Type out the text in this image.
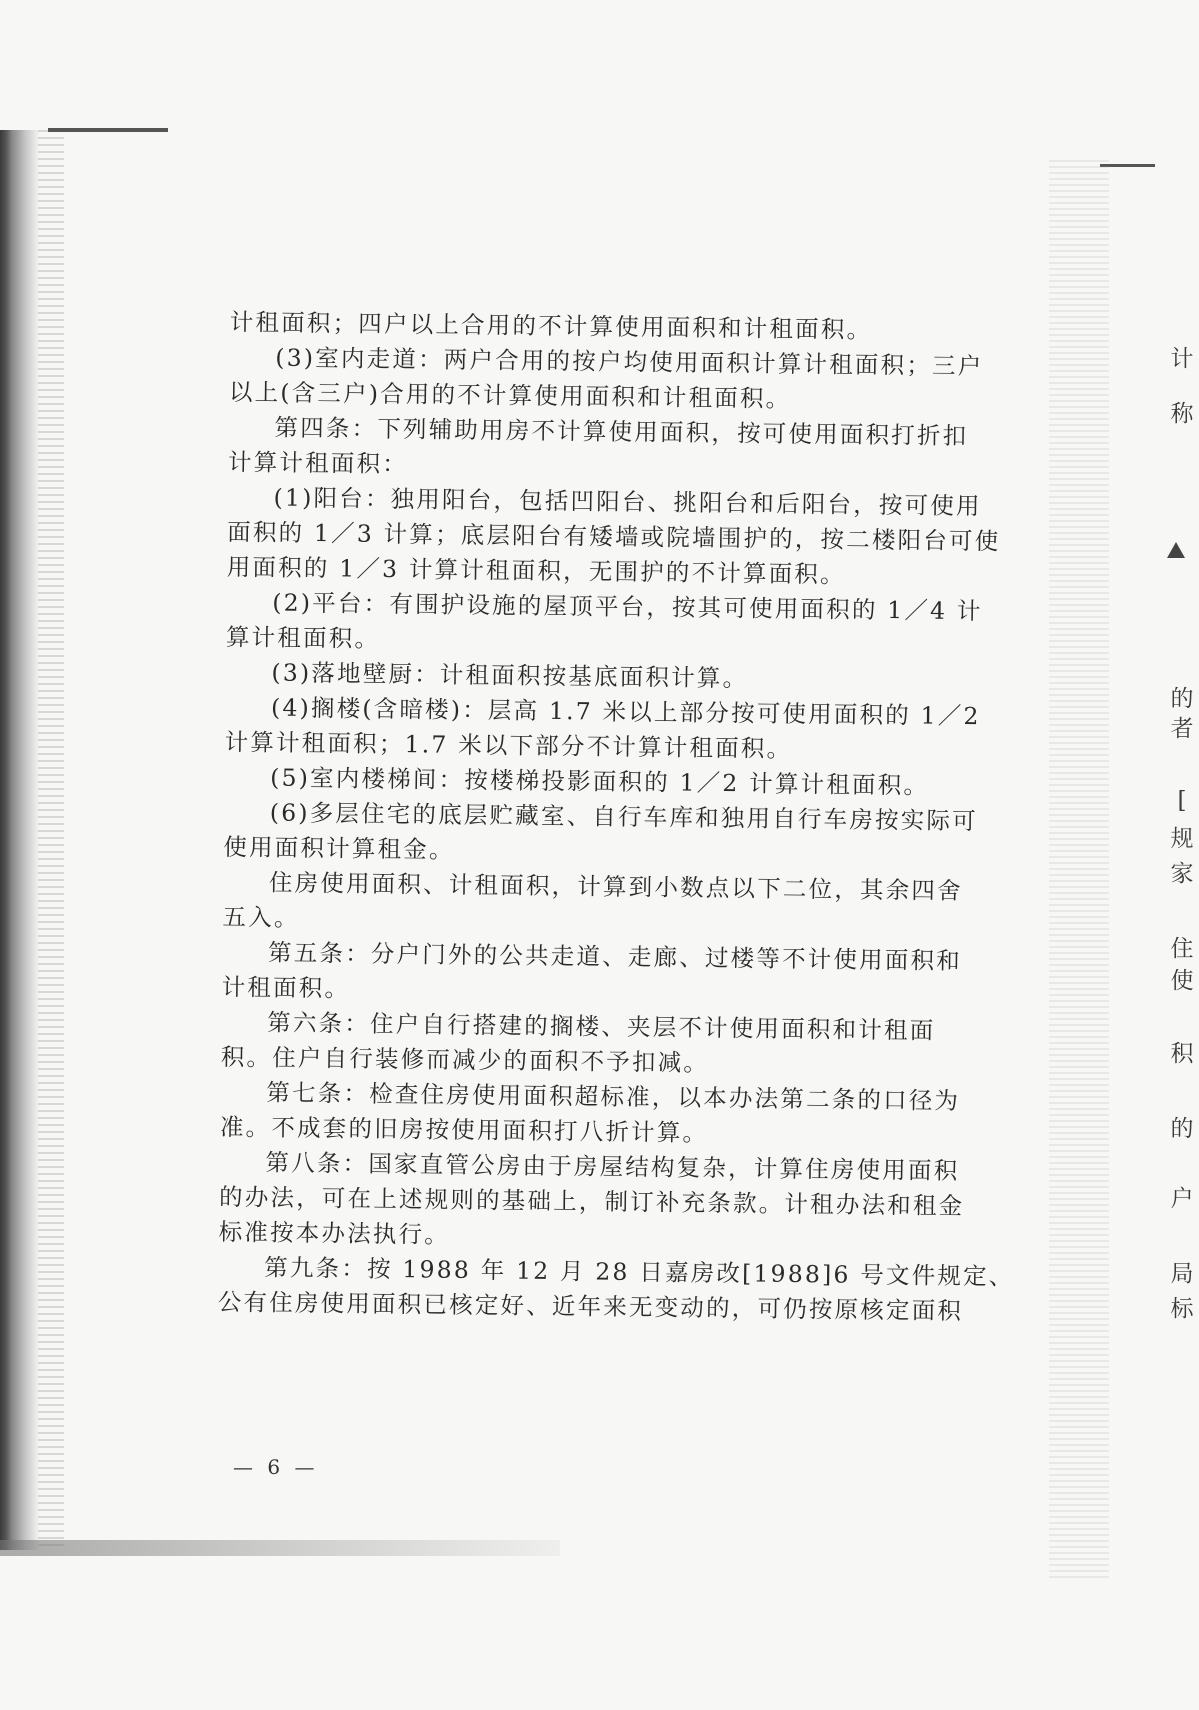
计租面积；四户以上合用的不计算使用面积和计租面积。
(3)室内走道：两户合用的按户均使用面积计算计租面积；三户
以上(含三户)合用的不计算使用面积和计租面积。
第四条：下列辅助用房不计算使用面积，按可使用面积打折扣
计算计租面积：
(1)阳台：独用阳台，包括凹阳台、挑阳台和后阳台，按可使用
面积的 1／3 计算；底层阳台有矮墙或院墙围护的，按二楼阳台可使
用面积的 1／3 计算计租面积，无围护的不计算面积。
(2)平台：有围护设施的屋顶平台，按其可使用面积的 1／4 计
算计租面积。
(3)落地壁厨：计租面积按基底面积计算。
(4)搁楼(含暗楼)：层高 1.7 米以上部分按可使用面积的 1／2
计算计租面积；1.7 米以下部分不计算计租面积。
(5)室内楼梯间：按楼梯投影面积的 1／2 计算计租面积。
(6)多层住宅的底层贮藏室、自行车库和独用自行车房按实际可
使用面积计算租金。
住房使用面积、计租面积，计算到小数点以下二位，其余四舍
五入。
第五条：分户门外的公共走道、走廊、过楼等不计使用面积和
计租面积。
第六条：住户自行搭建的搁楼、夹层不计使用面积和计租面
积。住户自行装修而减少的面积不予扣减。
第七条：检查住房使用面积超标准，以本办法第二条的口径为
准。不成套的旧房按使用面积打八折计算。
第八条：国家直管公房由于房屋结构复杂，计算住房使用面积
的办法，可在上述规则的基础上，制订补充条款。计租办法和租金
标准按本办法执行。
第九条：按 1988 年 12 月 28 日嘉房改[1988]6 号文件规定、
公有住房使用面积已核定好、近年来无变动的，可仍按原核定面积
— 6 —
计
称
的
者
[
规
家
住
使
积
的
户
局
标
